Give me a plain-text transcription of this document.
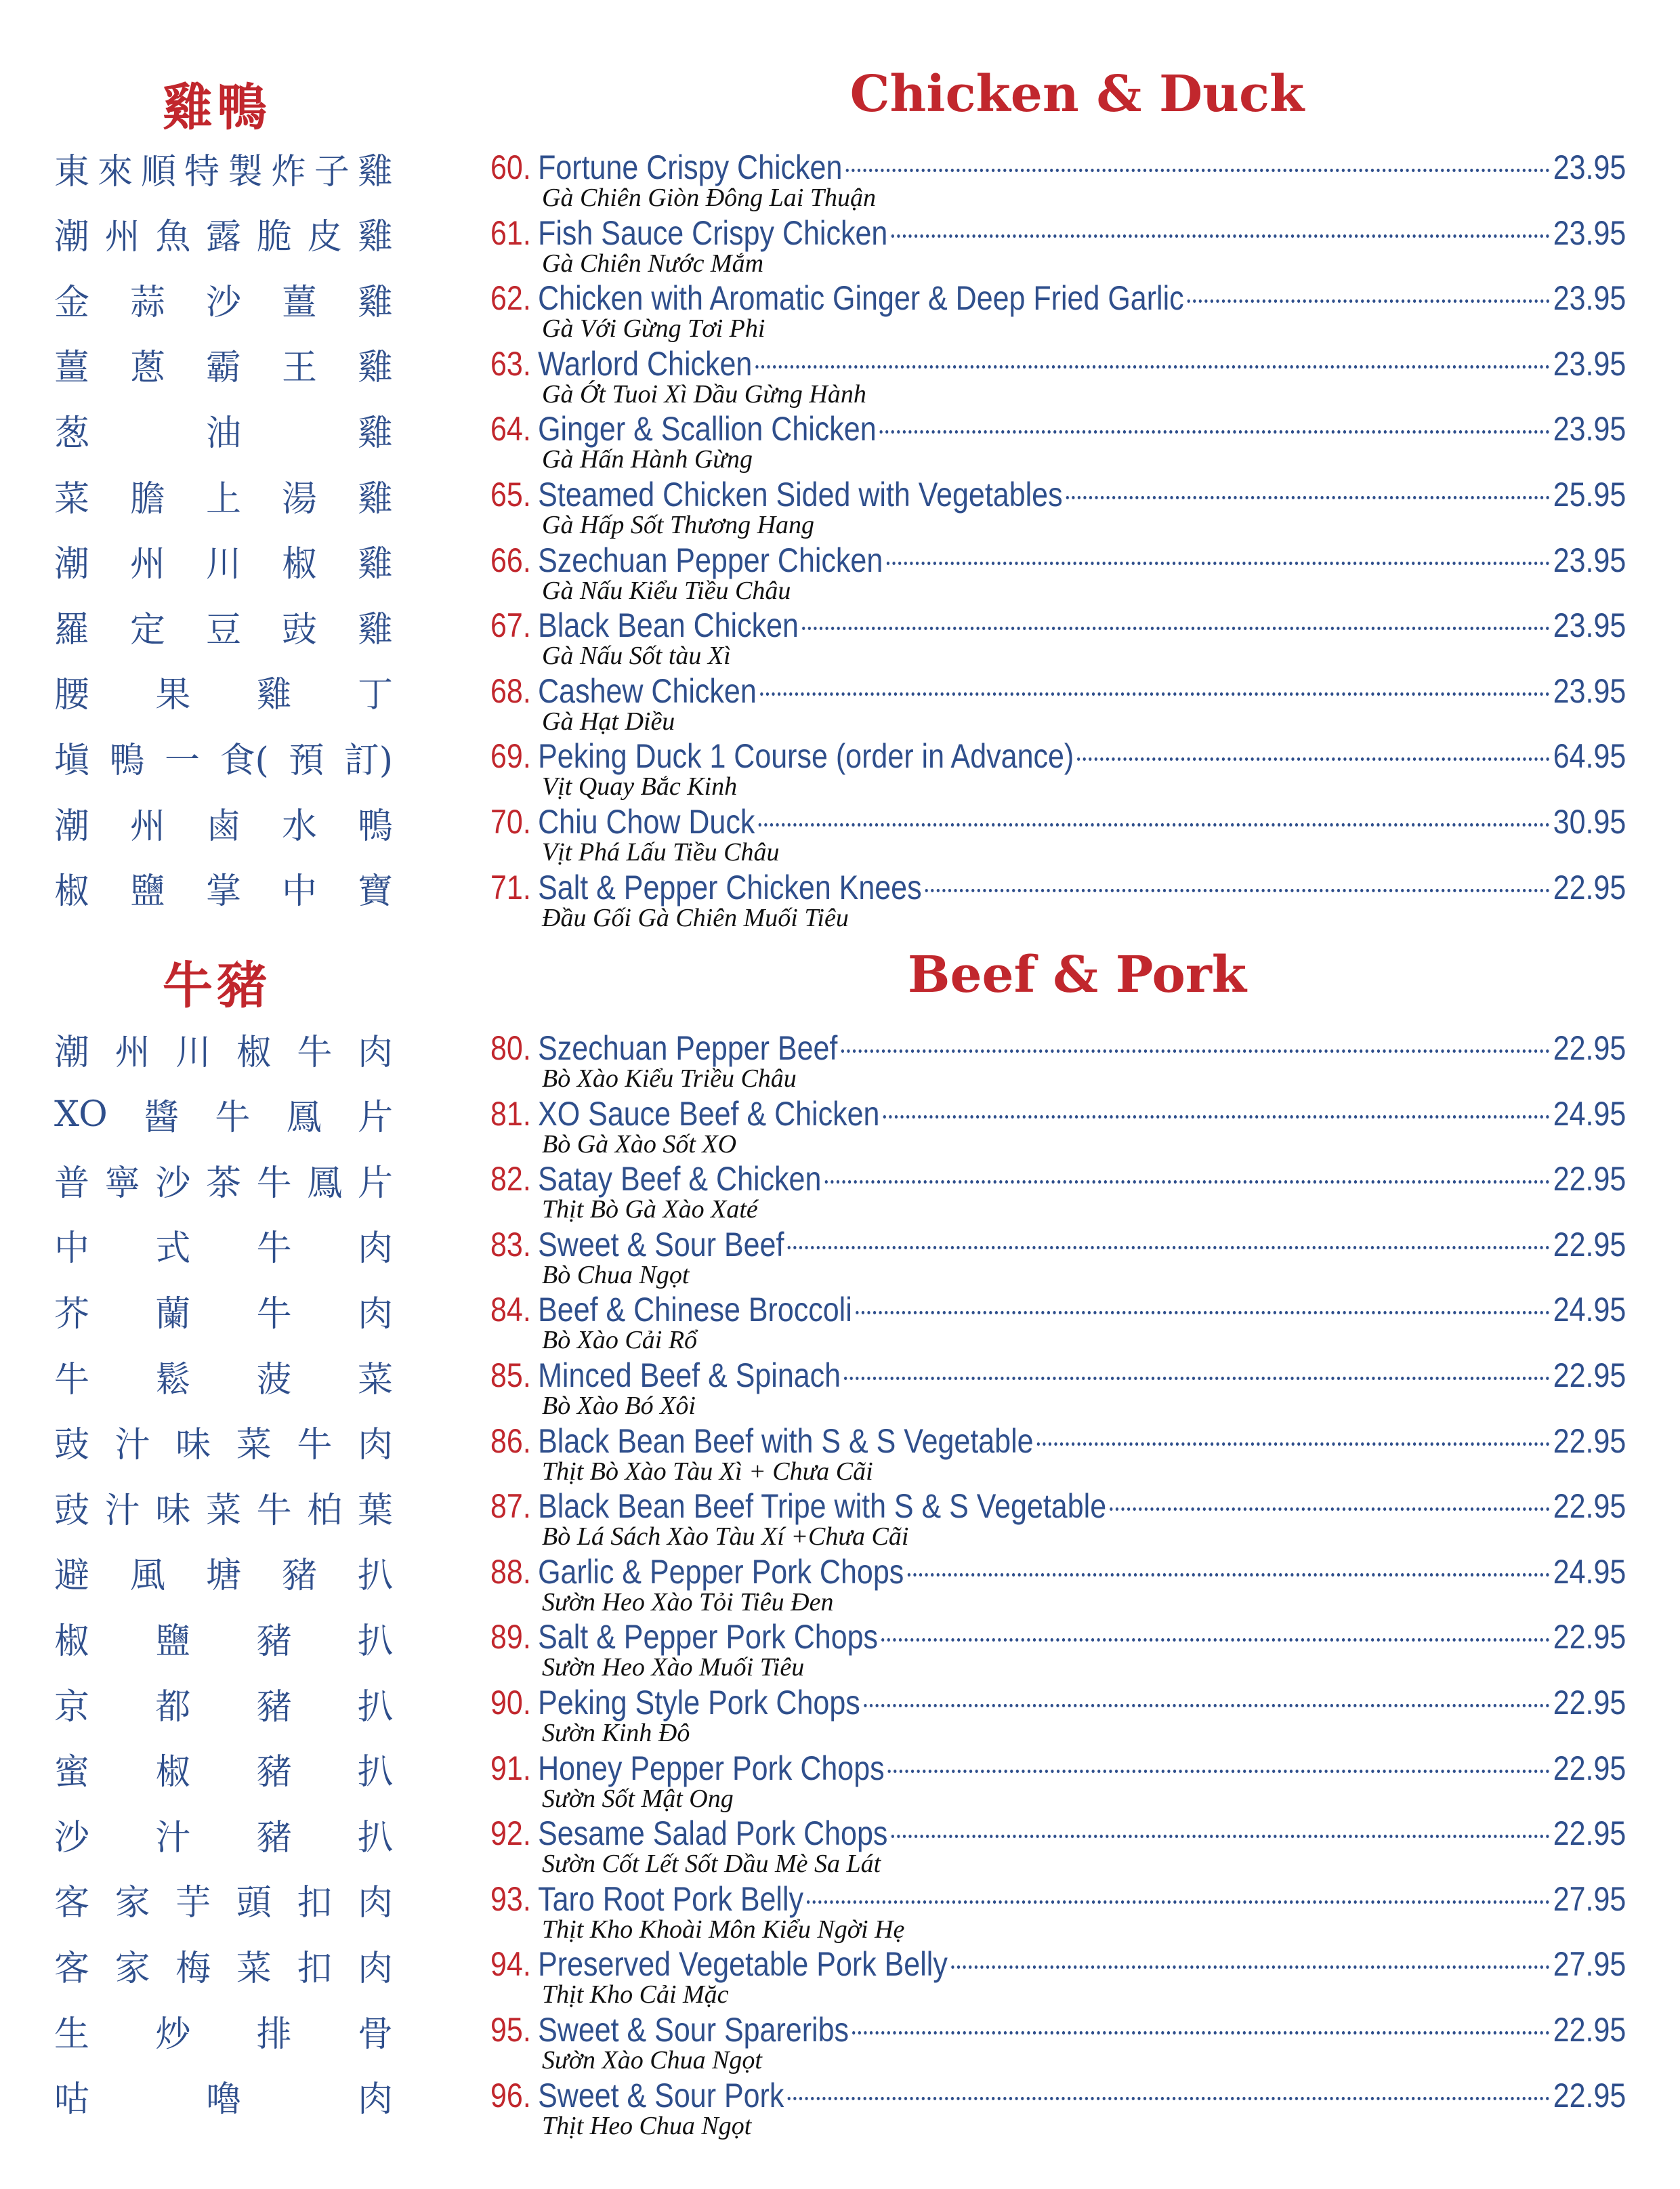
雞鴨
東 來 順 特 製 炸 子 雞
潮 州 魚 露 脆 皮 雞
金 蒜 沙 薑 雞
薑 蔥 霸 王 雞
葱	油	雞
菜 膽 上 湯 雞
潮 州 川 椒 雞
羅 定 豆 豉 雞
腰 果 雞 丁
塡 鴨 一 食( 預 訂)
潮 州 鹵 水 鴨
椒 鹽 掌 中 寶
牛豬
潮 州 川 椒 牛 肉
XO 醬 牛 鳳 片
普 寧 沙 茶 牛 鳳 片
中 式 牛 肉
芥 蘭 牛 肉
牛 鬆 菠 菜
豉 汁 味 菜 牛 肉
豉 汁 味 菜 牛 柏 葉
避 風 塘 豬 扒
椒 鹽 豬 扒
京 都 豬 扒
蜜 椒 豬 扒
沙 汁 豬 扒
客 家 芋 頭 扣 肉
客 家 梅 菜 扣 肉
生 炒 排 骨
咕	嚕	肉
Chicken & Duck
60. Fortune Crispy Chicken	23.95
Gà Chiên Giòn Đông Lai Thuận
61. Fish Sauce Crispy Chicken	23.95
Gà Chiên Nước Mắm
62. Chicken with Aromatic Ginger & Deep Fried Garlic	23.95
Gà Với Gừng Tơi Phi
63. Warlord Chicken	23.95
Gà Ớt Tuoi Xì Dầu Gừng Hành
64. Ginger & Scallion Chicken	23.95
Gà Hấn Hành Gừng
65. Steamed Chicken Sided with Vegetables	25.95
Gà Hấp Sốt Thương Hang
66. Szechuan Pepper Chicken	23.95
Gà Nấu Kiểu Tiều Châu
67. Black Bean Chicken	23.95
Gà Nấu Sốt tàu Xì
68. Cashew Chicken	23.95
Gà Hạt Diều
69. Peking Duck 1 Course (order in Advance)	64.95
Vịt Quay Bắc Kinh
70. Chiu Chow Duck	30.95
Vịt Phá Lấu Tiều Châu
71. Salt & Pepper Chicken Knees	22.95
Đầu Gối Gà Chiên Muối Tiêu
Beef & Pork
80. Szechuan Pepper Beef	22.95
Bò Xào Kiểu Triều Châu
81. XO Sauce Beef & Chicken	24.95
Bò Gà Xào Sốt XO
82. Satay Beef & Chicken	22.95
Thịt Bò Gà Xào Xaté
83. Sweet & Sour Beef	22.95
Bò Chua Ngọt
84. Beef & Chinese Broccoli	24.95
Bò Xào Cải Rổ
85. Minced Beef & Spinach	22.95
Bò Xào Bó Xôi
86. Black Bean Beef with S & S Vegetable	22.95
Thịt Bò Xào Tàu Xì + Chưa Cãi
87. Black Bean Beef Tripe with S & S Vegetable	22.95
Bò Lá Sách Xào Tàu Xí +Chưa Cãi
88. Garlic & Pepper Pork Chops	24.95
Sườn Heo Xào Tỏi Tiêu Đen
89. Salt & Pepper Pork Chops	22.95
Sườn Heo Xào Muối Tiêu
90. Peking Style Pork Chops	22.95
Sườn Kinh Đô
91. Honey Pepper Pork Chops	22.95
Sườn Sốt Mật Ong
92. Sesame Salad Pork Chops	22.95
Sườn Cốt Lết Sốt Dầu Mè Sa Lát
93. Taro Root Pork Belly	27.95
Thịt Kho Khoài Môn Kiểu Ngời Hẹ
94. Preserved Vegetable Pork Belly	27.95
Thịt Kho Cải Mặc
95. Sweet & Sour Spareribs	22.95
Sườn Xào Chua Ngọt
96. Sweet & Sour Pork	22.95
Thịt Heo Chua Ngọt
